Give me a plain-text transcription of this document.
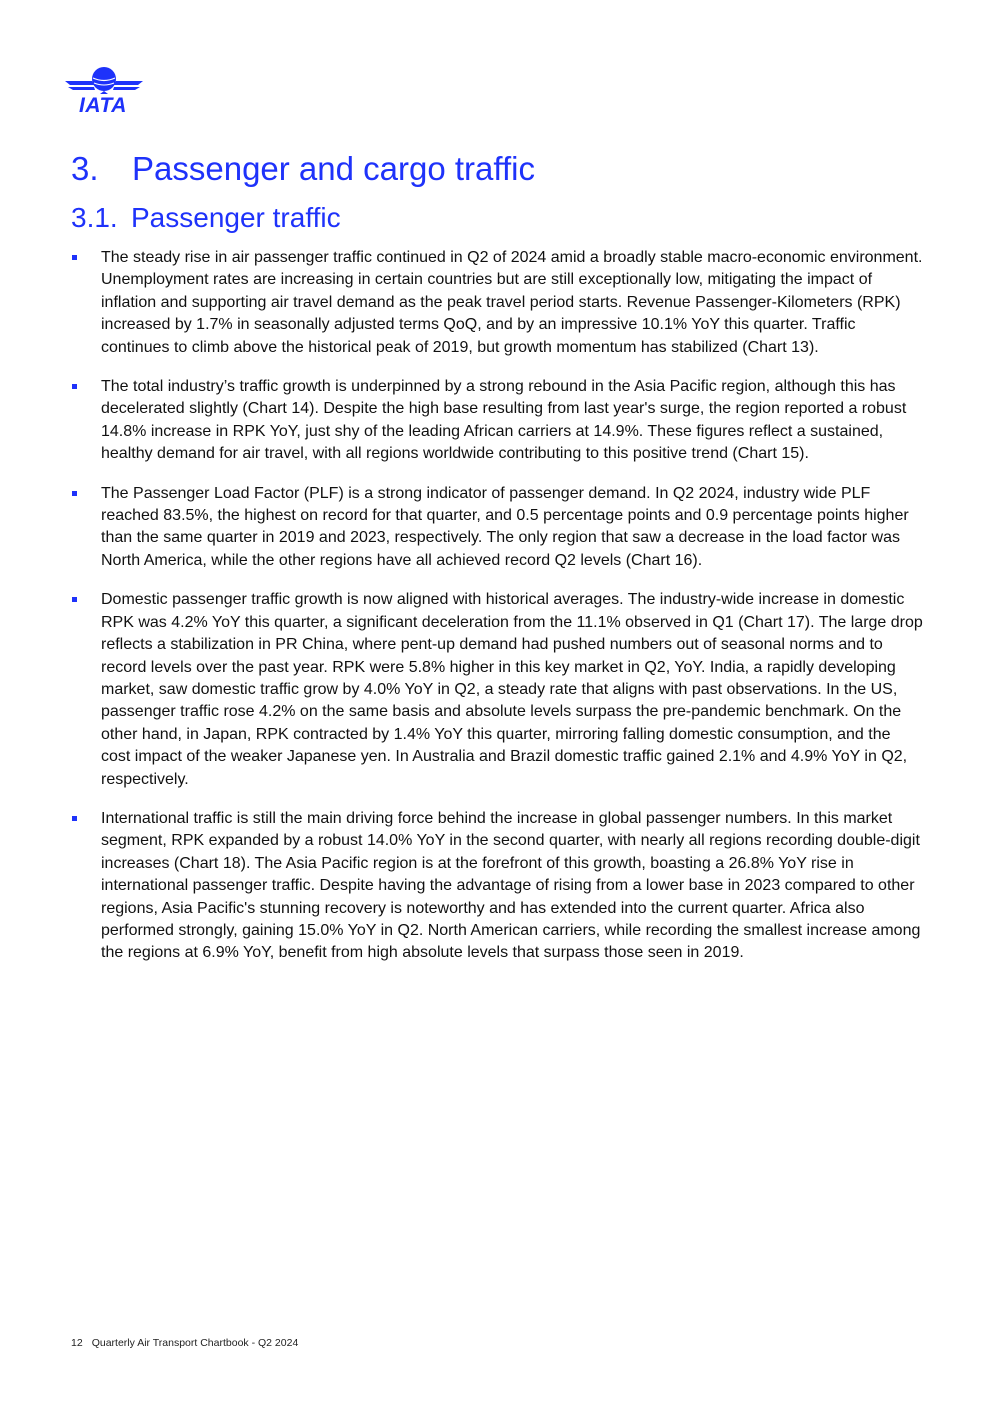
IATA
3. Passenger and cargo traffic
3.1. Passenger traffic
The steady rise in air passenger traffic continued in Q2 of 2024 amid a broadly stable macro-economic environment. Unemployment rates are increasing in certain countries but are still exceptionally low, mitigating the impact of inflation and supporting air travel demand as the peak travel period starts. Revenue Passenger-Kilometers (RPK) increased by 1.7% in seasonally adjusted terms QoQ, and by an impressive 10.1% YoY this quarter. Traffic continues to climb above the historical peak of 2019, but growth momentum has stabilized (Chart 13).
The total industry’s traffic growth is underpinned by a strong rebound in the Asia Pacific region, although this has decelerated slightly (Chart 14). Despite the high base resulting from last year's surge, the region reported a robust 14.8% increase in RPK YoY, just shy of the leading African carriers at 14.9%. These figures reflect a sustained, healthy demand for air travel, with all regions worldwide contributing to this positive trend (Chart 15).
The Passenger Load Factor (PLF) is a strong indicator of passenger demand. In Q2 2024, industry wide PLF reached 83.5%, the highest on record for that quarter, and 0.5 percentage points and 0.9 percentage points higher than the same quarter in 2019 and 2023, respectively. The only region that saw a decrease in the load factor was North America, while the other regions have all achieved record Q2 levels (Chart 16).
Domestic passenger traffic growth is now aligned with historical averages. The industry-wide increase in domestic RPK was 4.2% YoY this quarter, a significant deceleration from the 11.1% observed in Q1 (Chart 17). The large drop reflects a stabilization in PR China, where pent-up demand had pushed numbers out of seasonal norms and to record levels over the past year. RPK were 5.8% higher in this key market in Q2, YoY. India, a rapidly developing market, saw domestic traffic grow by 4.0% YoY in Q2, a steady rate that aligns with past observations. In the US, passenger traffic rose 4.2% on the same basis and absolute levels surpass the pre-pandemic benchmark. On the other hand, in Japan, RPK contracted by 1.4% YoY this quarter, mirroring falling domestic consumption, and the cost impact of the weaker Japanese yen. In Australia and Brazil domestic traffic gained 2.1% and 4.9% YoY in Q2, respectively.
International traffic is still the main driving force behind the increase in global passenger numbers. In this market segment, RPK expanded by a robust 14.0% YoY in the second quarter, with nearly all regions recording double-digit increases (Chart 18). The Asia Pacific region is at the forefront of this growth, boasting a 26.8% YoY rise in international passenger traffic. Despite having the advantage of rising from a lower base in 2023 compared to other regions, Asia Pacific's stunning recovery is noteworthy and has extended into the current quarter. Africa also performed strongly, gaining 15.0% YoY in Q2. North American carriers, while recording the smallest increase among the regions at 6.9% YoY, benefit from high absolute levels that surpass those seen in 2019.
12 Quarterly Air Transport Chartbook - Q2 2024
